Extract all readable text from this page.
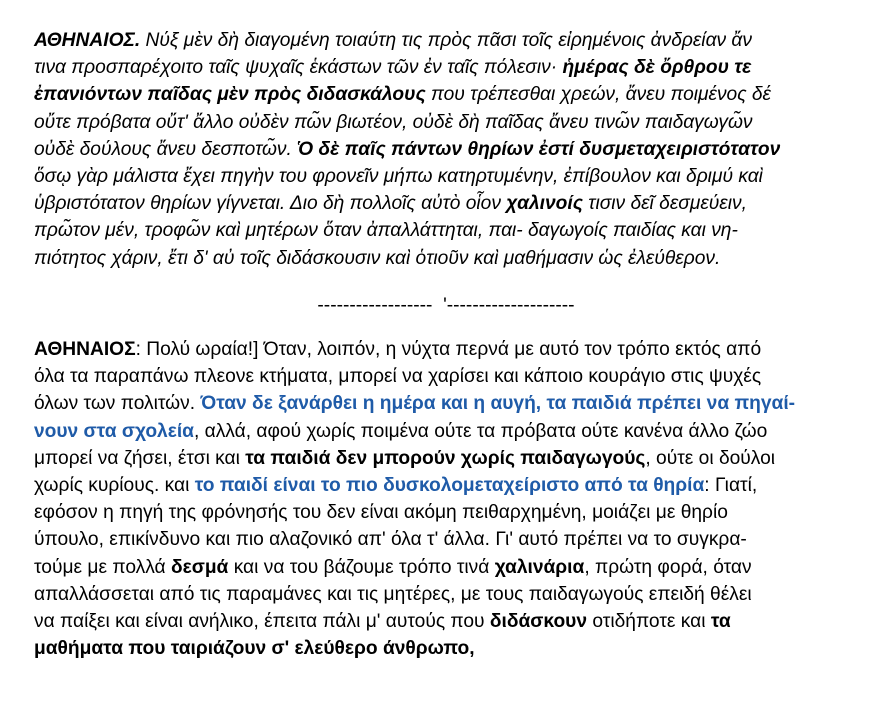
ΑΘΗΝΑΙΟΣ. Νύξ μὲν δὴ διαγομένη τοιαύτη τις πρὸς πᾶσι τοῖς εἰρημένοις ἀνδρείαν ἄν
τινα προσπαρέχοιτο ταῖς ψυχαῖς ἑκάστων τῶν ἐν ταῖς πόλεσιν· ἡμέρας δὲ ὄρθρου τε
ἐπανιόντων παῖδας μὲν πρὸς διδασκάλους που τρέπεσθαι χρεών, ἄνευ ποιμένος δέ
οὔτε πρόβατα οὔτ' ἄλλο οὐδὲν πω̃ν βιωτέον, οὐδὲ δὴ παῖδας ἄνευ τινω̃ν παιδαγωγω̃ν
οὐδὲ δούλους ἄνευ δεσποτω̃ν. Ὁ δὲ παῖς πάντων θηρίων ἐστί δυσμεταχειριστότατον
ὅσῳ γὰρ μάλιστα ἔχει πηγὴν του φρονεῖν μήπω κατηρτυμένην, ἐπίβουλον και δριμύ καὶ
ὑβριστότατον θηρίων γίγνεται. Διο δὴ πολλοῖς αὐτὸ οἷον χαλινοίς τισιν δεῖ δεσμεύειν,
πρω̃τον μέν, τροφω̃ν καὶ μητέρων ὅταν ἀπαλλάττηται, παι- δαγωγοίς παιδίας και νη-
πιότητος χάριν, ἔτι δ' αὐ τοῖς διδάσκουσιν καὶ ὁτιοῦν καὶ μαθήμασιν ὡς ἐλεύθερον.
------------------  '--------------------
ΑΘΗΝΑΙΟΣ: Πολύ ωραία!] Όταν, λοιπόν, η νύχτα περνά με αυτό τον τρόπο εκτός από
όλα τα παραπάνω πλεονε κτήματα, μπορεί να χαρίσει και κάποιο κουράγιο στις ψυχές
όλων των πολιτών. Όταν δε ξανάρθει η ημέρα και η αυγή, τα παιδιά πρέπει να πηγαί-
νουν στα σχολεία, αλλά, αφού χωρίς ποιμένα ούτε τα πρόβατα ούτε κανένα άλλο ζώο
μπορεί να ζήσει, έτσι και τα παιδιά δεν μπορούν χωρίς παιδαγωγούς, ούτε οι δούλοι
χωρίς κυρίους. και το παιδί είναι το πιο δυσκολομεταχείριστο από τα θηρία: Γιατί,
εφόσον η πηγή της φρόνησής του δεν είναι ακόμη πειθαρχημένη, μοιάζει με θηρίο
ύπουλο, επικίνδυνο και πιο αλαζονικό απ' όλα τ' άλλα. Γι' αυτό πρέπει να το συγκρα-
τούμε με πολλά δεσμά και να του βάζουμε τρόπο τινά χαλινάρια, πρώτη φορά, όταν
απαλλάσσεται από τις παραμάνες και τις μητέρες, με τους παιδαγωγούς επειδή θέλει
να παίξει και είναι ανήλικο, έπειτα πάλι μ' αυτούς που διδάσκουν οτιδήποτε και τα
μαθήματα που ταιριάζουν σ' ελεύθερο άνθρωπο,
